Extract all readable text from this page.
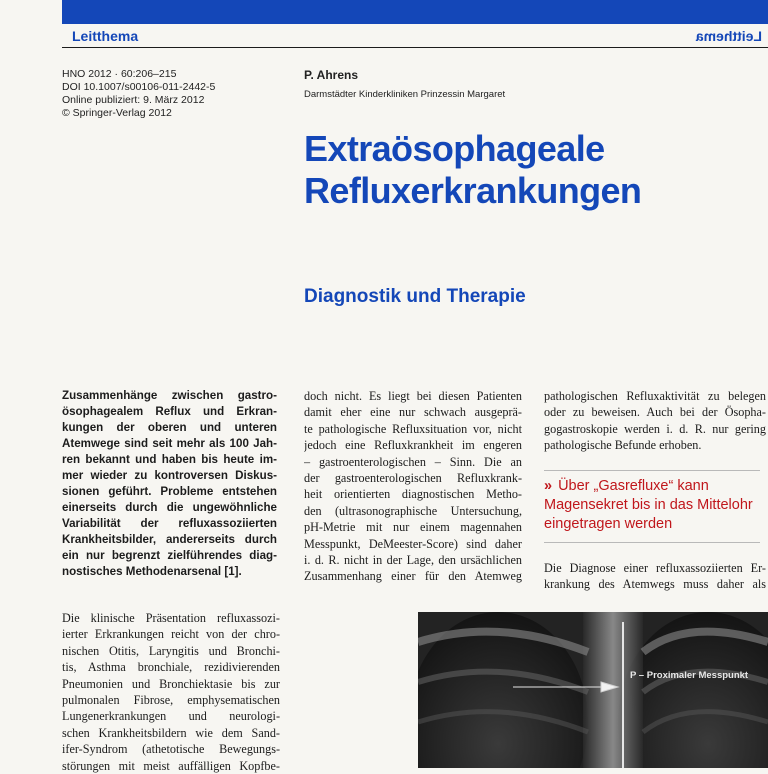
Leitthema	Leitthema
HNO 2012 · 60:206–215
DOI 10.1007/s00106-011-2442-5
Online publiziert: 9. März 2012
© Springer-Verlag 2012
P. Ahrens
Darmstädter Kinderkliniken Prinzessin Margaret
Extraösophageale
Refluxerkrankungen
Diagnostik und Therapie
Zusammenhänge zwischen gastro-
ösophagealem Reflux und Erkran-
kungen der oberen und unteren
Atemwege sind seit mehr als 100 Jah-
ren bekannt und haben bis heute im-
mer wieder zu kontroversen Diskus-
sionen geführt. Probleme entstehen
einerseits durch die ungewöhnliche
Variabilität der refluxassoziierten
Krankheitsbilder, andererseits durch
ein nur begrenzt zielführendes diag-
nostisches Methodenarsenal [1].
Die klinische Präsentation refluxassozi-
ierter Erkrankungen reicht von der chro-
nischen Otitis, Laryngitis und Bronchi-
tis, Asthma bronchiale, rezidivierenden
Pneumonien und Bronchiektasie bis zur
pulmonalen Fibrose, emphysematischen
Lungenerkrankungen und neurologi-
schen Krankheitsbildern wie dem Sand-
ifer-Syndrom (athetotische Bewegungs-
störungen mit meist auffälligen Kopfbe-
doch nicht. Es liegt bei diesen Patienten
damit eher eine nur schwach ausgeprä-
te pathologische Refluxsituation vor, nicht
jedoch eine Refluxkrankheit im engeren
– gastroenterologischen – Sinn. Die an
der gastroenterologischen Refluxkrank-
heit orientierten diagnostischen Metho-
den (ultrasonographische Untersuchung,
pH-Metrie mit nur einem magennahen
Messpunkt, DeMeester-Score) sind daher
i. d. R. nicht in der Lage, den ursächlichen
Zusammenhang einer für den Atemweg
pathologischen Refluxaktivität zu belegen
oder zu beweisen. Auch bei der Ösopha-
gogastroskopie werden i. d. R. nur gering
pathologische Befunde erhoben.
» Über „Gasrefluxe“ kann
Magensekret bis in das Mittelohr
eingetragen werden
Die Diagnose einer refluxassoziierten Er-
krankung des Atemwegs muss daher als
P – Proximaler Messpunkt
